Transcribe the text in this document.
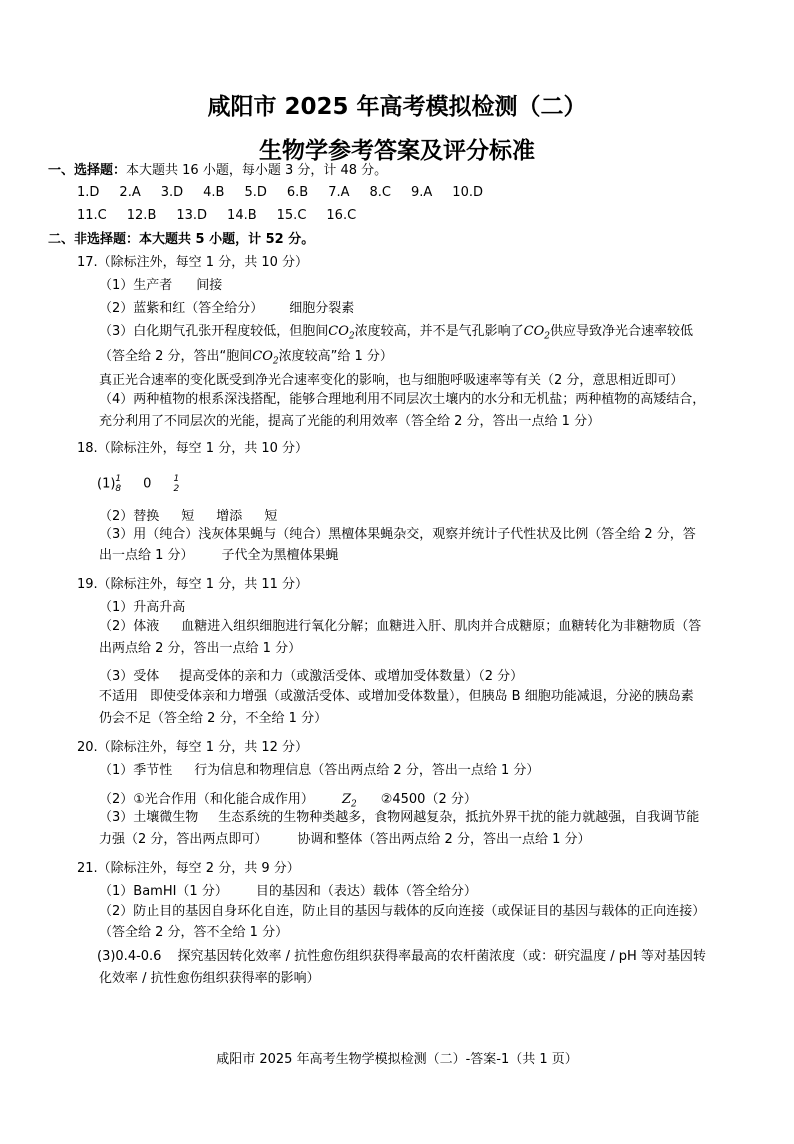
咸阳市 2025 年高考模拟检测（二）
生物学参考答案及评分标准
一、选择题：本大题共 16 小题，每小题 3 分，计 48 分。
1.D 2.A 3.D 4.B 5.D 6.B 7.A 8.C 9.A 10.D
11.C 12.B 13.D 14.B 15.C 16.C
二、非选择题：本大题共 5 小题，计 52 分。
17.（除标注外，每空 1 分，共 10 分）
（1）生产者 间接
（2）蓝紫和红（答全给分） 细胞分裂素
（3）白化期气孔张开程度较低，但胞间$CO_2$浓度较高，并不是气孔影响了$CO_2$供应导致净光合速率较低
（答全给 2 分，答出“胞间$CO_2$浓度较高”给 1 分）
真正光合速率的变化既受到净光合速率变化的影响，也与细胞呼吸速率等有关（2 分，意思相近即可）
（4）两种植物的根系深浅搭配，能够合理地利用不同层次土壤内的水分和无机盐；两种植物的高矮结合，
充分利用了不同层次的光能，提高了光能的利用效率（答全给 2 分，答出一点给 1 分）
18.（除标注外，每空 1 分，共 10 分）
(1) 1
8 0 1
2
（2）替换 短 增添 短
（3）用（纯合）浅灰体果蝇与（纯合）黑檀体果蝇杂交，观察并统计子代性状及比例（答全给 2 分，答
出一点给 1 分） 子代全为黑檀体果蝇
19.（除标注外，每空 1 分，共 11 分）
（1）升高升高
（2）体液 血糖进入组织细胞进行氧化分解；血糖进入肝、肌肉并合成糖原；血糖转化为非糖物质（答
出两点给 2 分，答出一点给 1 分）
（3）受体 提高受体的亲和力（或激活受体、或增加受体数量）（2 分）
不适用 即使受体亲和力增强（或激活受体、或增加受体数量），但胰岛 B 细胞功能减退，分泌的胰岛素
仍会不足（答全给 2 分，不全给 1 分）
20.（除标注外，每空 1 分，共 12 分）
（1）季节性 行为信息和物理信息（答出两点给 2 分，答出一点给 1 分）
（2）①光合作用（和化能合成作用） $Z_2$ ②4500（2 分）
（3）土壤微生物 生态系统的生物种类越多，食物网越复杂，抵抗外界干扰的能力就越强，自我调节能
力强（2 分，答出两点即可） 协调和整体（答出两点给 2 分，答出一点给 1 分）
21.（除标注外，每空 2 分，共 9 分）
（1）BamHI（1 分） 目的基因和（表达）载体（答全给分）
（2）防止目的基因自身环化自连，防止目的基因与载体的反向连接（或保证目的基因与载体的正向连接）
（答全给 2 分，答不全给 1 分）
(3)0.4-0.6 探究基因转化效率 / 抗性愈伤组织获得率最高的农杆菌浓度（或：研究温度 / pH 等对基因转
化效率 / 抗性愈伤组织获得率的影响）
咸阳市 2025 年高考生物学模拟检测（二）-答案-1（共 1 页）
